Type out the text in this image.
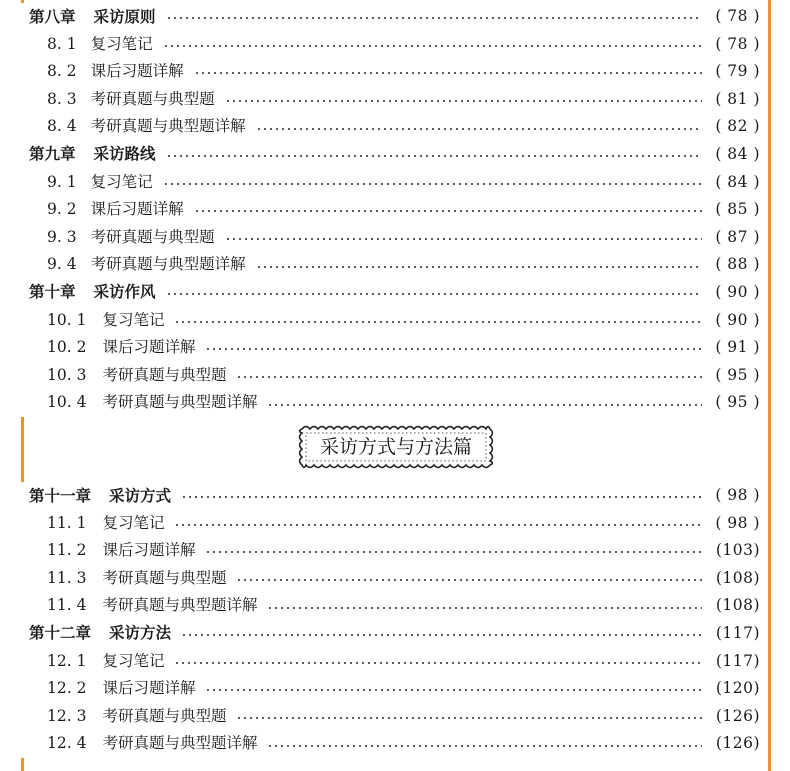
第八章 采访原则	( 78 )
8. 1 复习笔记	( 78 )
8. 2 课后习题详解	( 79 )
8. 3 考研真题与典型题	( 81 )
8. 4 考研真题与典型题详解	( 82 )
第九章 采访路线	( 84 )
9. 1 复习笔记	( 84 )
9. 2 课后习题详解	( 85 )
9. 3 考研真题与典型题	( 87 )
9. 4 考研真题与典型题详解	( 88 )
第十章 采访作风	( 90 )
10. 1 复习笔记	( 90 )
10. 2 课后习题详解	( 91 )
10. 3 考研真题与典型题	( 95 )
10. 4 考研真题与典型题详解	( 95 )
采访方式与方法篇
第十一章 采访方式	( 98 )
11. 1 复习笔记	( 98 )
11. 2 课后习题详解	(103)
11. 3 考研真题与典型题	(108)
11. 4 考研真题与典型题详解	(108)
第十二章 采访方法	(117)
12. 1 复习笔记	(117)
12. 2 课后习题详解	(120)
12. 3 考研真题与典型题	(126)
12. 4 考研真题与典型题详解	(126)
